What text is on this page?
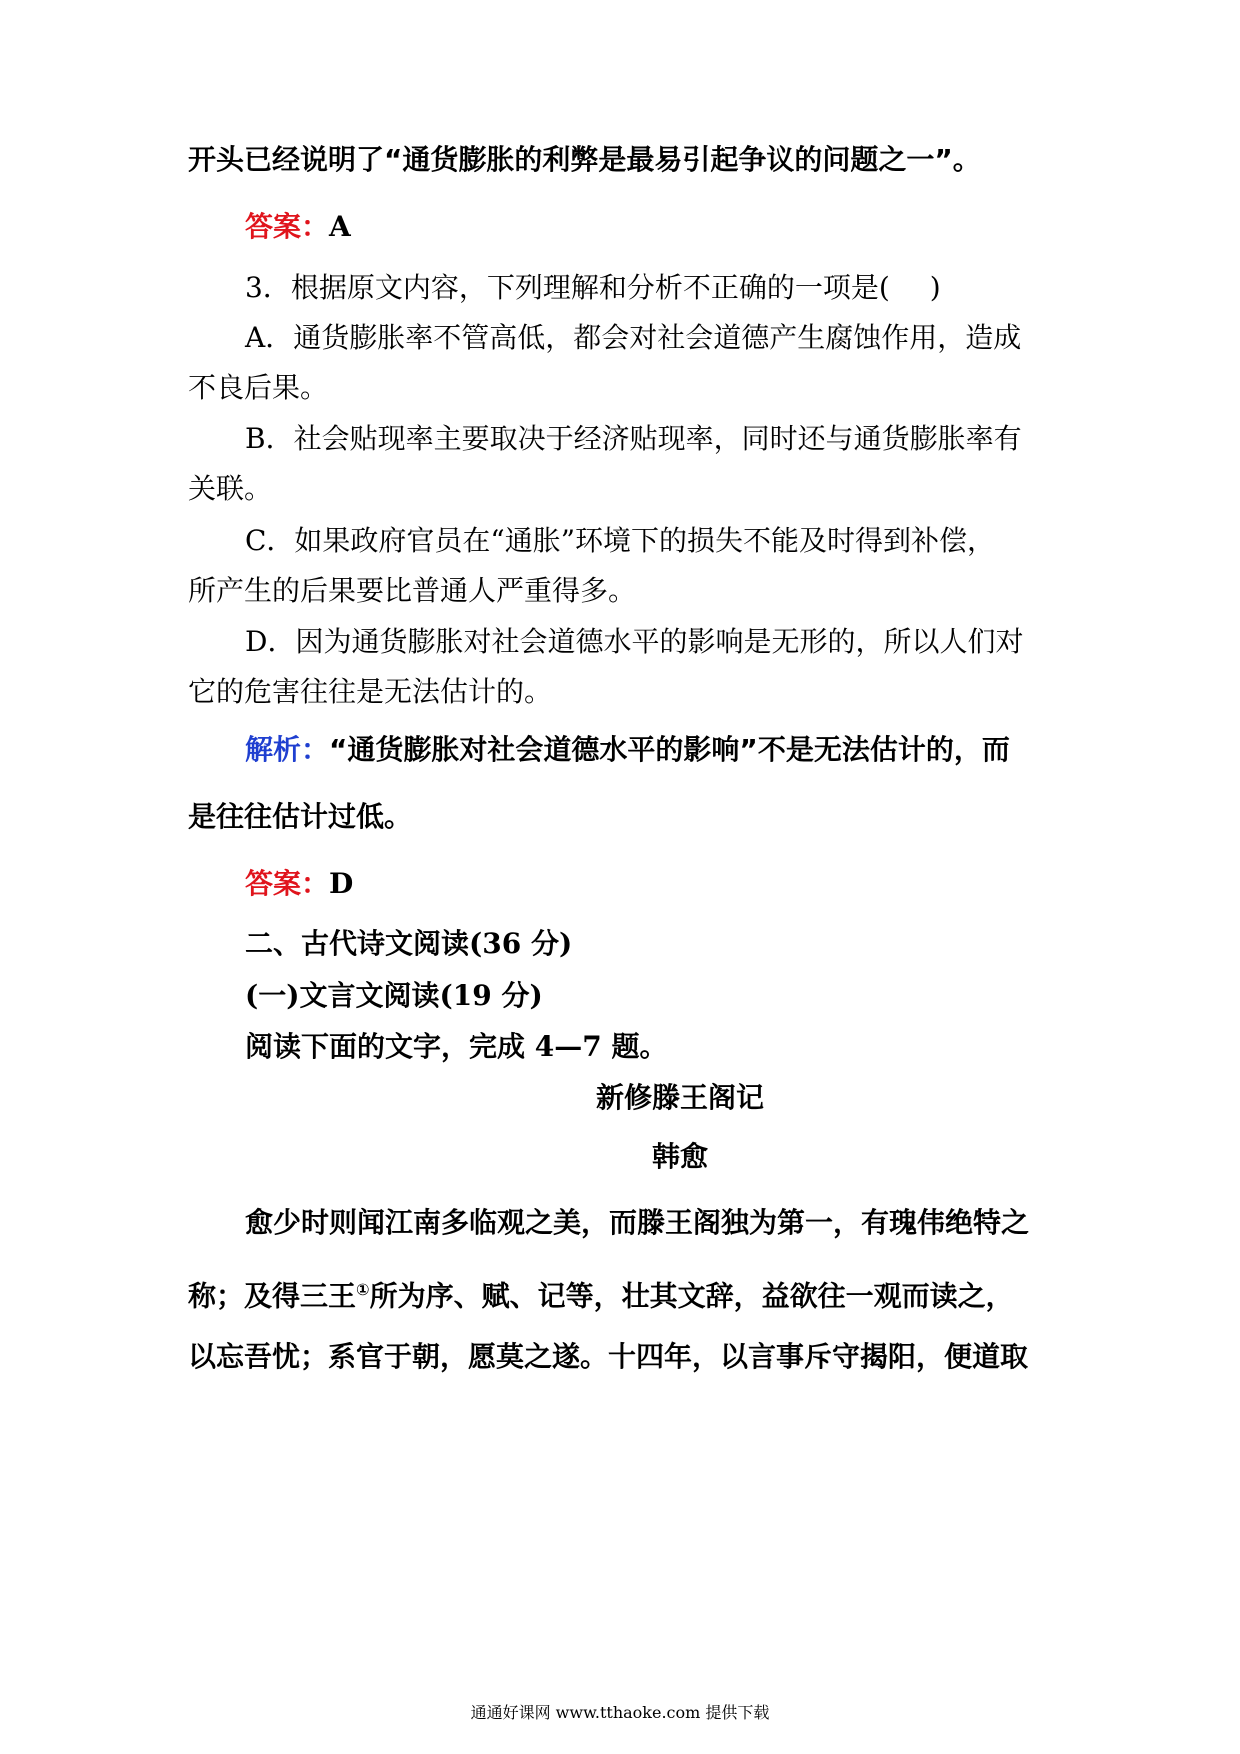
开头已经说明了“通货膨胀的利弊是最易引起争议的问题之一”。
答案：A
3．根据原文内容，下列理解和分析不正确的一项是( )
A．通货膨胀率不管高低，都会对社会道德产生腐蚀作用，造成
不良后果。
B．社会贴现率主要取决于经济贴现率，同时还与通货膨胀率有
关联。
C．如果政府官员在“通胀”环境下的损失不能及时得到补偿，
所产生的后果要比普通人严重得多。
D．因为通货膨胀对社会道德水平的影响是无形的，所以人们对
它的危害往往是无法估计的。
解析：“通货膨胀对社会道德水平的影响”不是无法估计的，而
是往往估计过低。
答案：D
二、古代诗文阅读(36 分)
(一)文言文阅读(19 分)
阅读下面的文字，完成 4—7 题。
新修滕王阁记
韩愈
愈少时则闻江南多临观之美，而滕王阁独为第一，有瑰伟绝特之
称；及得三王①所为序、赋、记等，壮其文辞，益欲往一观而读之，
以忘吾忧；系官于朝，愿莫之遂。十四年，以言事斥守揭阳，便道取
通通好课网 www.tthaoke.com 提供下载
